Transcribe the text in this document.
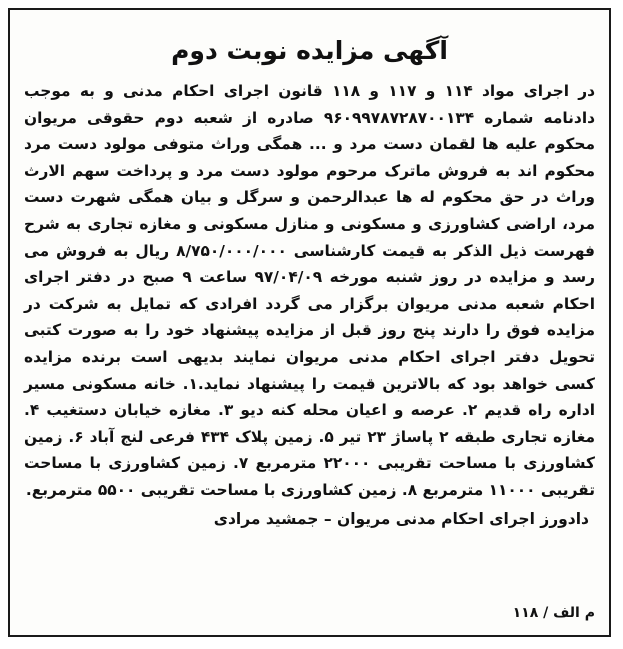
آگهی مزایده نوبت دوم

در اجرای مواد ۱۱۴ و ۱۱۷ و ۱۱۸ قانون اجرای احکام مدنی و به موجب دادنامه شماره ۹۶۰۹۹۷۸۷۲۸۷۰۰۱۳۴ صادره از شعبه دوم حقوقی مریوان محکوم علیه ها لقمان دست مرد و ... همگی وراث متوفی مولود دست مرد محکوم اند به فروش ماترک مرحوم مولود دست مرد و پرداخت سهم الارث وراث در حق محکوم له ها عبدالرحمن و سرگل و بیان همگی شهرت دست مرد، اراضی کشاورزی و مسکونی و منازل مسکونی و مغازه تجاری به شرح فهرست ذیل الذکر به قیمت کارشناسی ۸/۷۵۰/۰۰۰/۰۰۰ ریال به فروش می رسد و مزایده در روز شنبه مورخه ۹۷/۰۴/۰۹ ساعت ۹ صبح در دفتر اجرای احکام شعبه مدنی مریوان برگزار می گردد افرادی که تمایل به شرکت در مزایده فوق را دارند پنج روز قبل از مزایده پیشنهاد خود را به صورت کتبی تحویل دفتر اجرای احکام مدنی مریوان نمایند بدیهی است برنده مزایده کسی خواهد بود که بالاترین قیمت را پیشنهاد نماید.۱. خانه مسکونی مسیر اداره راه قدیم ۲. عرصه و اعیان محله کنه دیو ۳. مغازه خیابان دستغیب ۴. مغازه تجاری طبقه ۲ پاساژ ۲۳ تیر ۵. زمین پلاک ۴۳۴ فرعی لنج آباد ۶. زمین کشاورزی با مساحت تقریبی ۲۲۰۰۰ مترمربع ۷. زمین کشاورزی با مساحت تقریبی ۱۱۰۰۰ مترمربع ۸. زمین کشاورزی با مساحت تقریبی ۵۵۰۰ مترمربع.

دادورز اجرای احکام مدنی مریوان – جمشید مرادی
م الف / ۱۱۸
